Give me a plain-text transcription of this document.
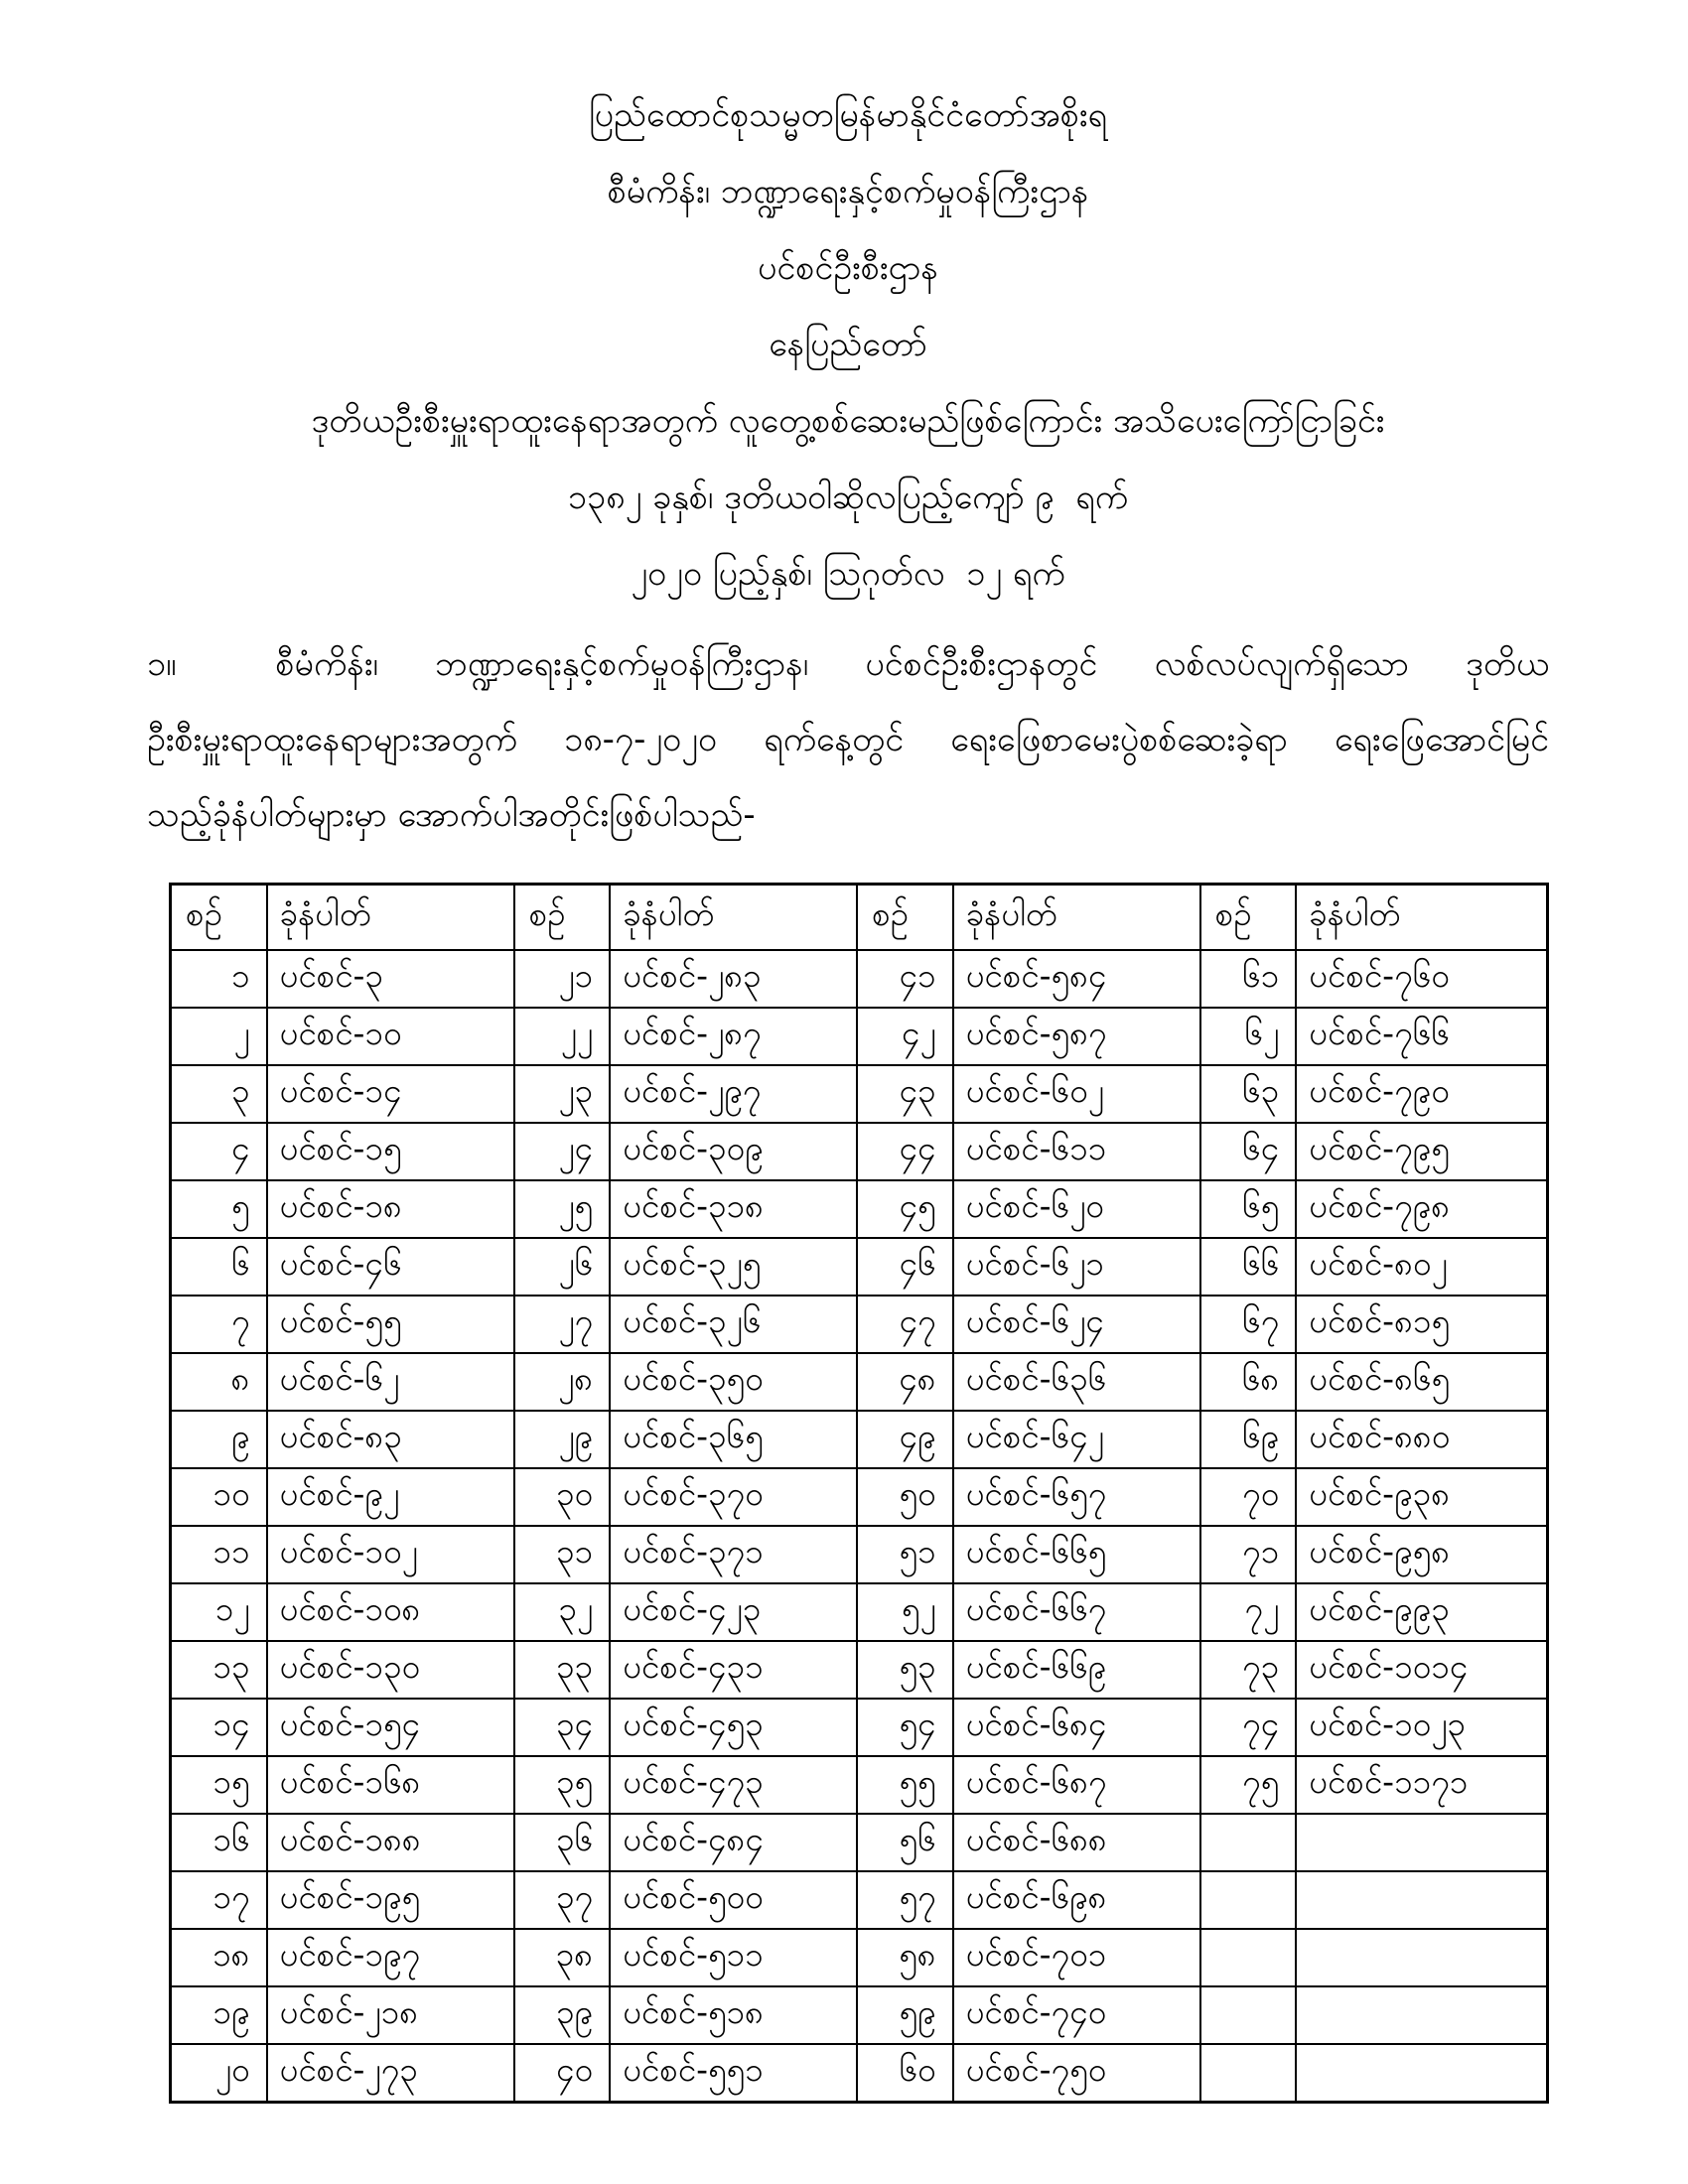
ပြည်ထောင်စုသမ္မတမြန်မာနိုင်ငံတော်အစိုးရ
စီမံကိန်း၊ ဘဏ္ဍာရေးနှင့်စက်မှုဝန်ကြီးဌာန
ပင်စင်ဦးစီးဌာန
နေပြည်တော်
ဒုတိယဦးစီးမှူးရာထူးနေရာအတွက် လူတွေ့စစ်ဆေးမည်ဖြစ်ကြောင်း အသိပေးကြော်ငြာခြင်း
၁၃၈၂ ခုနှစ်၊ ဒုတိယဝါဆိုလပြည့်ကျော် ၉  ရက်
၂၀၂၀ ပြည့်နှစ်၊ ဩဂုတ်လ  ၁၂ ရက်
၁။	စီမံကိန်း၊ ဘဏ္ဍာရေးနှင့်စက်မှုဝန်ကြီးဌာန၊ ပင်စင်ဦးစီးဌာနတွင် လစ်လပ်လျက်ရှိသော ဒုတိယ
ဦးစီးမှူးရာထူးနေရာများအတွက် ၁၈-၇-၂၀၂၀ ရက်နေ့တွင် ရေးဖြေစာမေးပွဲစစ်ဆေးခဲ့ရာ ရေးဖြေအောင်မြင်
သည့်ခုံနံပါတ်များမှာ အောက်ပါအတိုင်းဖြစ်ပါသည်-
စဉ်	ခုံနံပါတ်	စဉ်	ခုံနံပါတ်	စဉ်	ခုံနံပါတ်	စဉ်	ခုံနံပါတ်
၁	ပင်စင်-၃	၂၁	ပင်စင်-၂၈၃	၄၁	ပင်စင်-၅၈၄	၆၁	ပင်စင်-၇၆၀
၂	ပင်စင်-၁၀	၂၂	ပင်စင်-၂၈၇	၄၂	ပင်စင်-၅၈၇	၆၂	ပင်စင်-၇၆၆
၃	ပင်စင်-၁၄	၂၃	ပင်စင်-၂၉၇	၄၃	ပင်စင်-၆၀၂	၆၃	ပင်စင်-၇၉၀
၄	ပင်စင်-၁၅	၂၄	ပင်စင်-၃၀၉	၄၄	ပင်စင်-၆၁၁	၆၄	ပင်စင်-၇၉၅
၅	ပင်စင်-၁၈	၂၅	ပင်စင်-၃၁၈	၄၅	ပင်စင်-၆၂၀	၆၅	ပင်စင်-၇၉၈
၆	ပင်စင်-၄၆	၂၆	ပင်စင်-၃၂၅	၄၆	ပင်စင်-၆၂၁	၆၆	ပင်စင်-၈၀၂
၇	ပင်စင်-၅၅	၂၇	ပင်စင်-၃၂၆	၄၇	ပင်စင်-၆၂၄	၆၇	ပင်စင်-၈၁၅
၈	ပင်စင်-၆၂	၂၈	ပင်စင်-၃၅၀	၄၈	ပင်စင်-၆၃၆	၆၈	ပင်စင်-၈၆၅
၉	ပင်စင်-၈၃	၂၉	ပင်စင်-၃၆၅	၄၉	ပင်စင်-၆၄၂	၆၉	ပင်စင်-၈၈၀
၁၀	ပင်စင်-၉၂	၃၀	ပင်စင်-၃၇၀	၅၀	ပင်စင်-၆၅၇	၇၀	ပင်စင်-၉၃၈
၁၁	ပင်စင်-၁၀၂	၃၁	ပင်စင်-၃၇၁	၅၁	ပင်စင်-၆၆၅	၇၁	ပင်စင်-၉၅၈
၁၂	ပင်စင်-၁၀၈	၃၂	ပင်စင်-၄၂၃	၅၂	ပင်စင်-၆၆၇	၇၂	ပင်စင်-၉၉၃
၁၃	ပင်စင်-၁၃၀	၃၃	ပင်စင်-၄၃၁	၅၃	ပင်စင်-၆၆၉	၇၃	ပင်စင်-၁၀၁၄
၁၄	ပင်စင်-၁၅၄	၃၄	ပင်စင်-၄၅၃	၅၄	ပင်စင်-၆၈၄	၇၄	ပင်စင်-၁၀၂၃
၁၅	ပင်စင်-၁၆၈	၃၅	ပင်စင်-၄၇၃	၅၅	ပင်စင်-၆၈၇	၇၅	ပင်စင်-၁၁၇၁
၁၆	ပင်စင်-၁၈၈	၃၆	ပင်စင်-၄၈၄	၅၆	ပင်စင်-၆၈၈		
၁၇	ပင်စင်-၁၉၅	၃၇	ပင်စင်-၅၀၀	၅၇	ပင်စင်-၆၉၈		
၁၈	ပင်စင်-၁၉၇	၃၈	ပင်စင်-၅၁၁	၅၈	ပင်စင်-၇၀၁		
၁၉	ပင်စင်-၂၁၈	၃၉	ပင်စင်-၅၁၈	၅၉	ပင်စင်-၇၄၀		
၂၀	ပင်စင်-၂၇၃	၄၀	ပင်စင်-၅၅၁	၆၀	ပင်စင်-၇၅၀		
